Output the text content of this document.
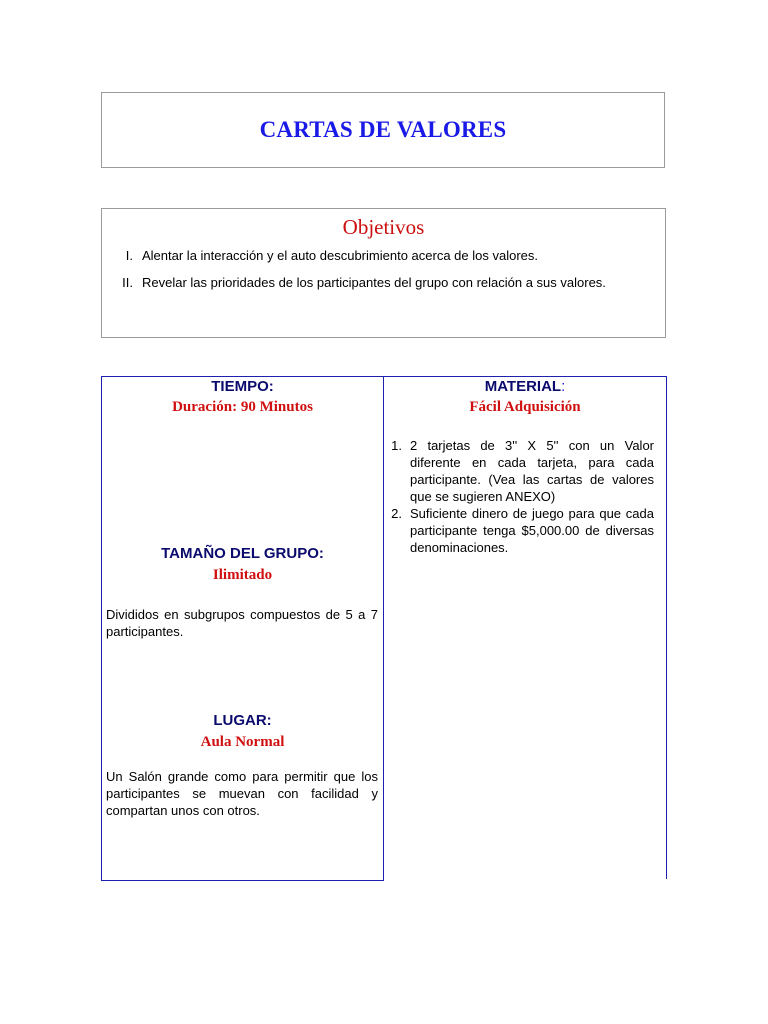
CARTAS DE VALORES
Objetivos
I. Alentar la interacción y el auto descubrimiento acerca de los valores.
II. Revelar las prioridades de los participantes del grupo con relación a sus valores.
TIEMPO:
Duración: 90 Minutos
TAMAÑO DEL GRUPO:
Ilimitado
Divididos en subgrupos compuestos de 5 a 7 participantes.
LUGAR:
Aula Normal
Un Salón grande como para permitir que los participantes se muevan con facilidad y compartan unos con otros.
MATERIAL:
Fácil Adquisición
1. 2 tarjetas de 3'' X 5'' con un Valor diferente en cada tarjeta, para cada participante. (Vea las cartas de valores que se sugieren ANEXO)
2. Suficiente dinero de juego para que cada participante tenga $5,000.00 de diversas denominaciones.
